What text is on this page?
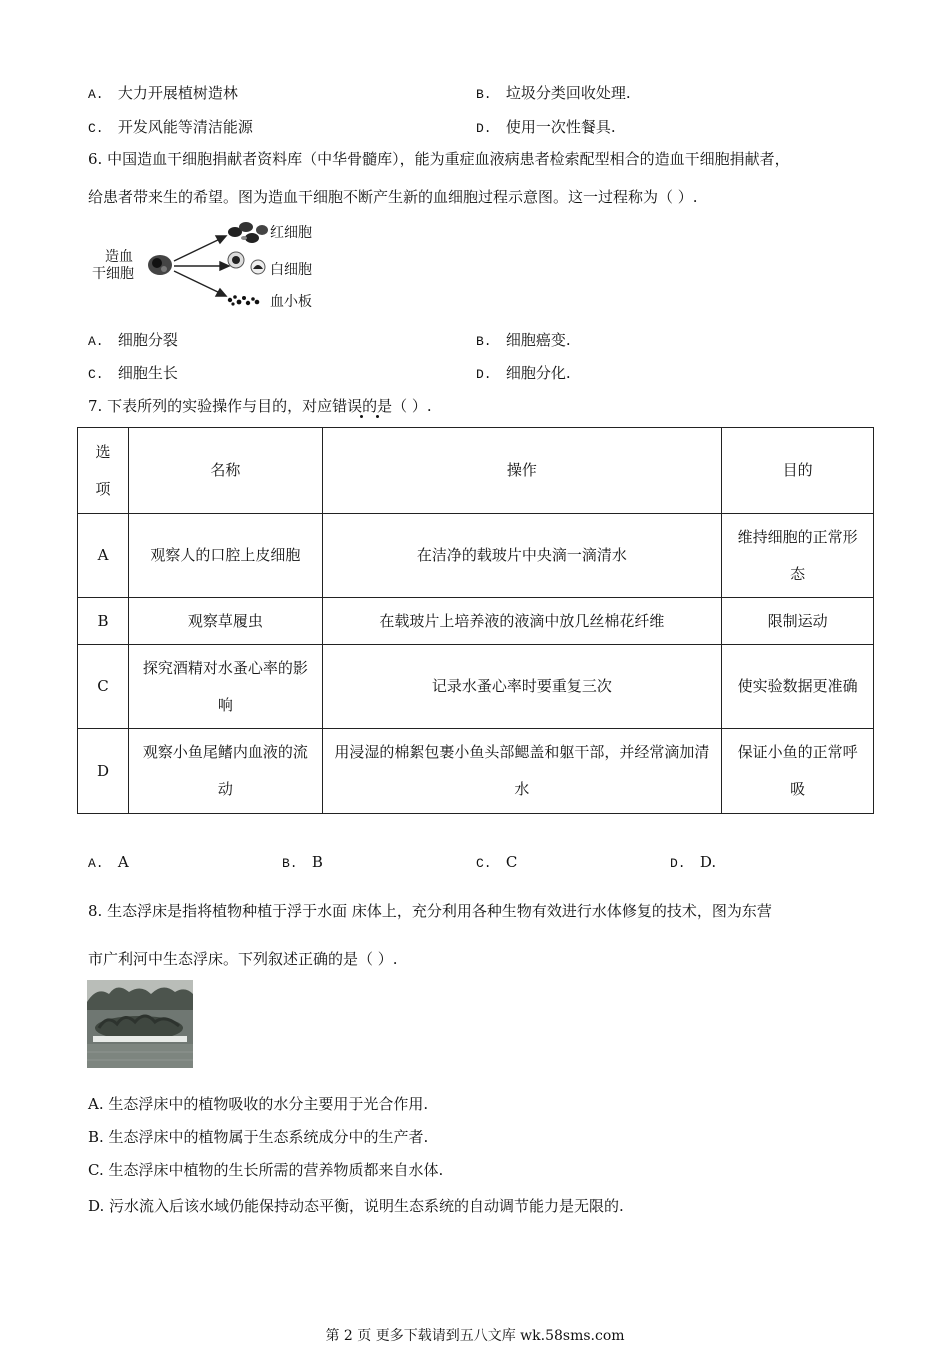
A. 大力开展植树造林	B. 垃圾分类回收处理.
C. 开发风能等清洁能源	D. 使用一次性餐具.
6. 中国造血干细胞捐献者资料库（中华骨髓库），能为重症血液病患者检索配型相合的造血干细胞捐献者，
给患者带来生的希望。图为造血干细胞不断产生新的血细胞过程示意图。这一过程称为（ ）.
造血
干细胞
红细胞
白细胞
血小板
A. 细胞分裂	B. 细胞癌变.
C. 细胞生长	D. 细胞分化.
7. 下表所列的实验操作与目的，对应错误的是（ ）.
选项	名称	操作	目的
A	观察人的口腔上皮细胞	在洁净的载玻片中央滴一滴清水	维持细胞的正常形态
B	观察草履虫	在载玻片上培养液的液滴中放几丝棉花纤维	限制运动
C	探究酒精对水蚤心率的影响	记录水蚤心率时要重复三次	使实验数据更准确
D	观察小鱼尾鳍内血液的流动	用浸湿的棉絮包裹小鱼头部鳃盖和躯干部，并经常滴加清水	保证小鱼的正常呼吸
A. A	B. B	C. C	D. D.
8. 生态浮床是指将植物种植于浮于水面 床体上，充分利用各种生物有效进行水体修复的技术，图为东营
市广利河中生态浮床。下列叙述正确的是（ ）.
A. 生态浮床中的植物吸收的水分主要用于光合作用.
B. 生态浮床中的植物属于生态系统成分中的生产者.
C. 生态浮床中植物的生长所需的营养物质都来自水体.
D. 污水流入后该水域仍能保持动态平衡，说明生态系统的自动调节能力是无限的.
第 2 页 更多下载请到五八文库 wk.58sms.com
